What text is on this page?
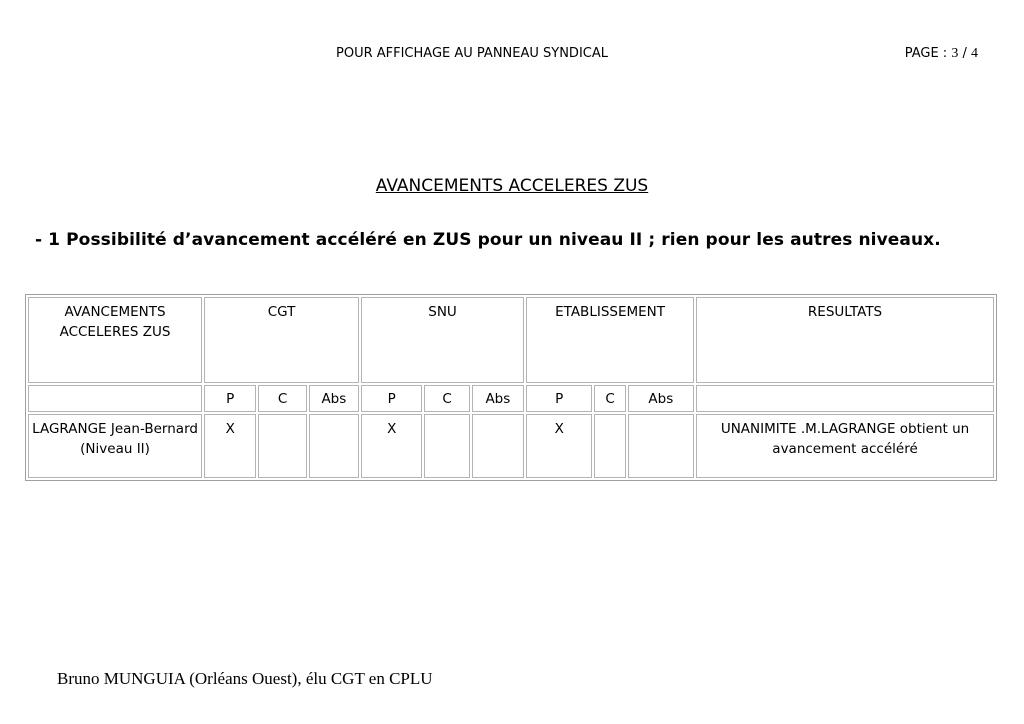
POUR AFFICHAGE AU PANNEAU SYNDICAL	PAGE : 3 / 4
AVANCEMENTS ACCELERES ZUS
- 1 Possibilité d’avancement accéléré en ZUS pour un niveau II ; rien pour les autres niveaux.
AVANCEMENTS ACCELERES ZUS	CGT			SNU			ETABLISSEMENT			RESULTATS
	P	C	Abs	P	C	Abs	P	C	Abs	

LAGRANGE Jean-Bernard
(Niveau II)	X			X			X			UNANIMITE .M.LAGRANGE obtient un avancement accéléré
Bruno MUNGUIA (Orléans Ouest), élu CGT en CPLU
